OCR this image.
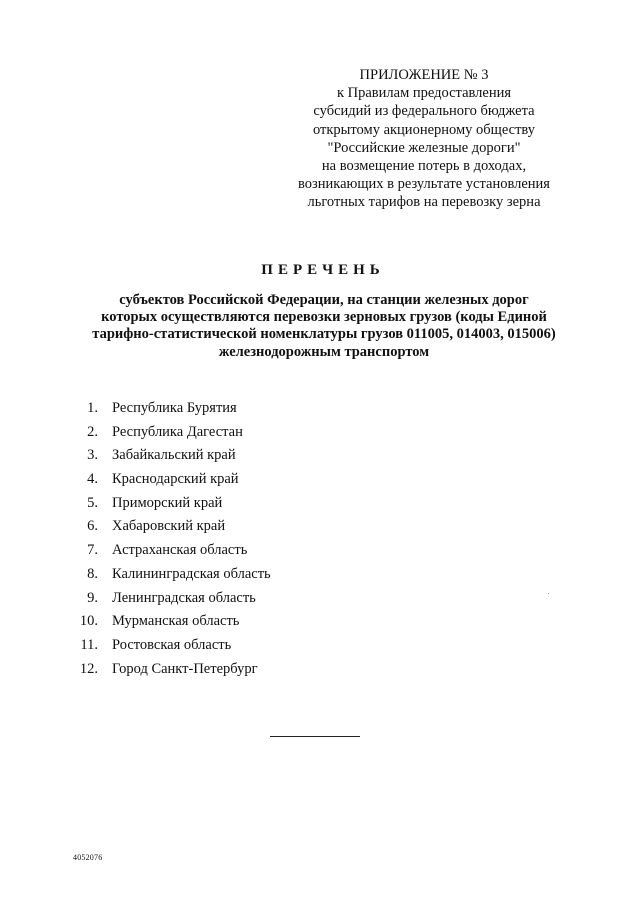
ПРИЛОЖЕНИЕ № 3
к Правилам предоставления
субсидий из федерального бюджета
открытому акционерному обществу
"Российские железные дороги"
на возмещение потерь в доходах,
возникающих в результате установления
льготных тарифов на перевозку зерна
ПЕРЕЧЕНЬ
субъектов Российской Федерации, на станции железных дорог
которых осуществляются перевозки зерновых грузов (коды Единой
тарифно-статистической номенклатуры грузов 011005, 014003, 015006)
железнодорожным транспортом
1. Республика Бурятия
2. Республика Дагестан
3. Забайкальский край
4. Краснодарский край
5. Приморский край
6. Хабаровский край
7. Астраханская область
8. Калининградская область
9. Ленинградская область
10. Мурманская область
11. Ростовская область
12. Город Санкт-Петербург
4052076
